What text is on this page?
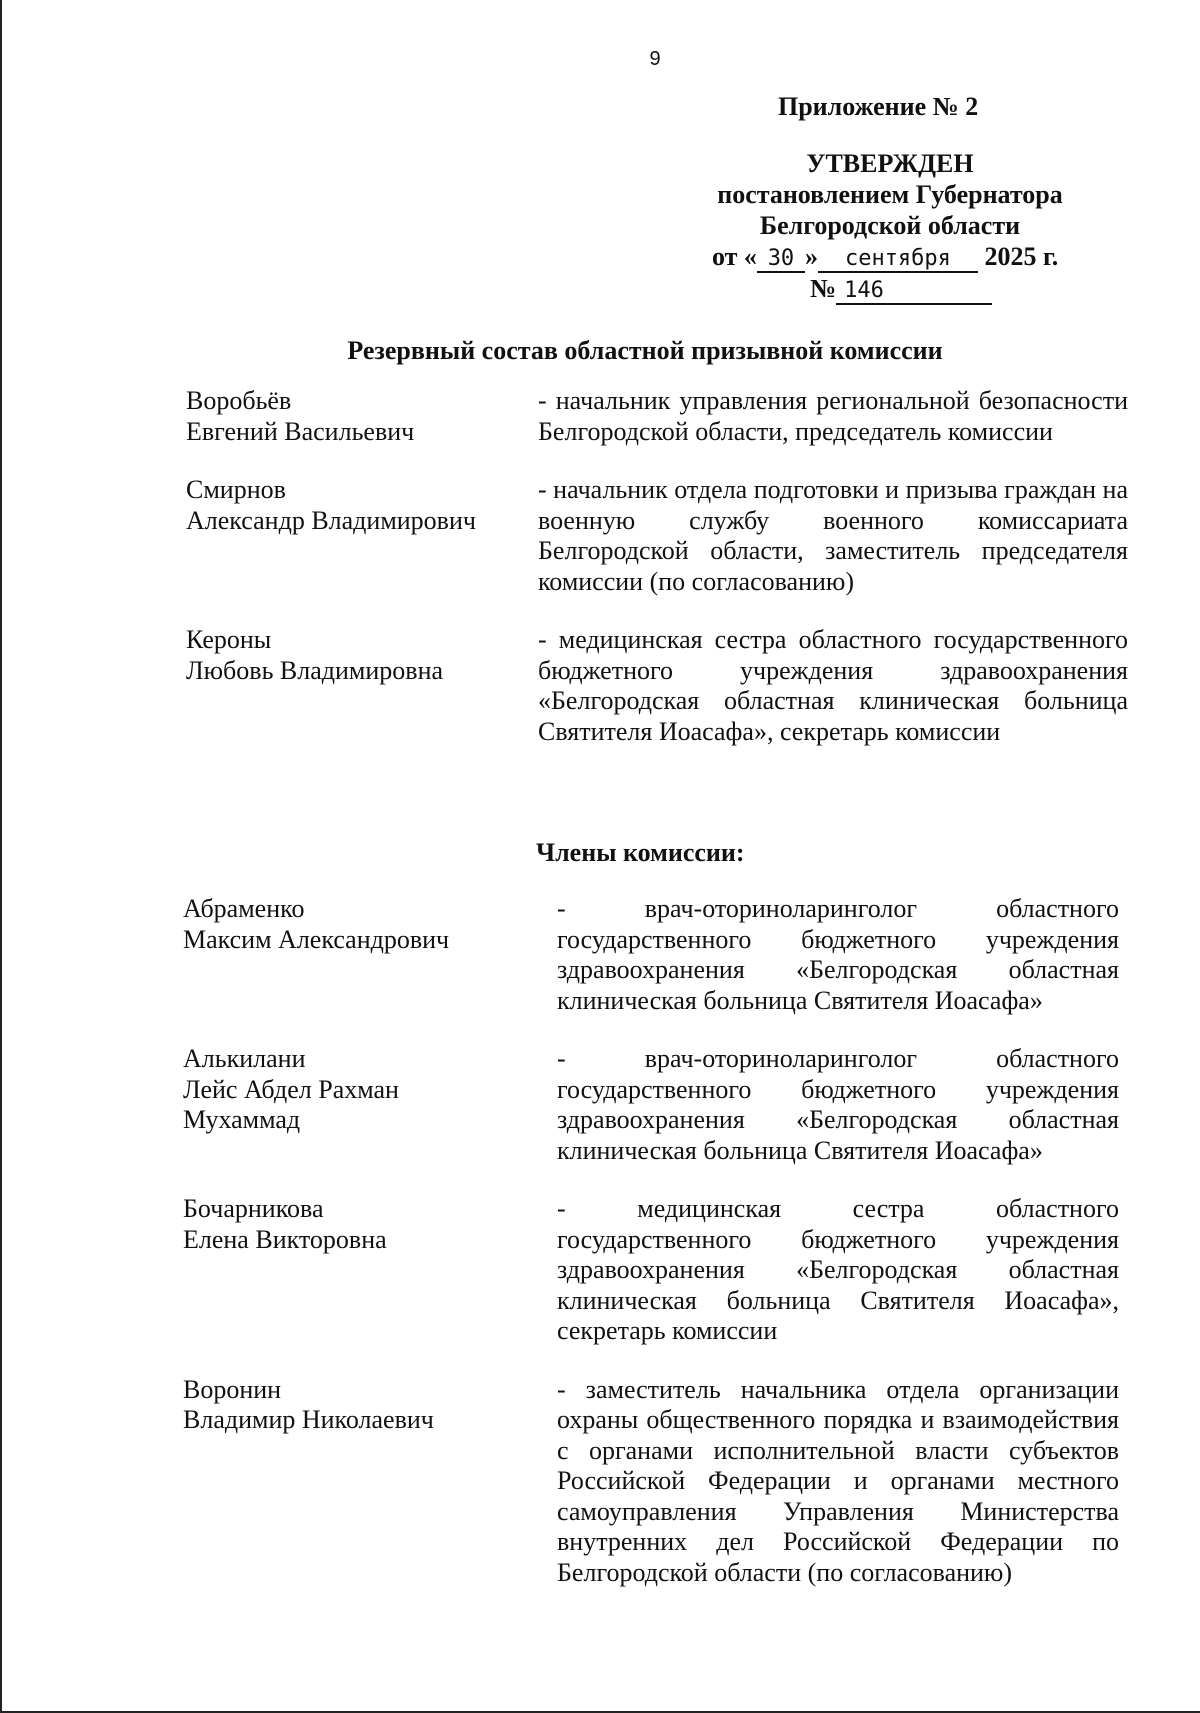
9
Приложение № 2
УТВЕРЖДЕН
постановлением Губернатора
Белгородской области
от « 30 » сентября 2025 г.
№ 146
Резервный состав областной призывной комиссии
Воробьёв
Евгений Васильевич
- начальник управления региональной безопасности Белгородской области, председатель комиссии
Смирнов
Александр Владимирович
- начальник отдела подготовки и призыва граждан на военную службу военного комиссариата Белгородской области, заместитель председателя комиссии (по согласованию)
Кероны
Любовь Владимировна
- медицинская сестра областного государственного бюджетного учреждения здравоохранения «Белгородская областная клиническая больница Святителя Иоасафа», секретарь комиссии
Члены комиссии:
Абраменко
Максим Александрович
- врач-оториноларинголог областного государственного бюджетного учреждения здравоохранения «Белгородская областная клиническая больница Святителя Иоасафа»
Алькилани
Лейс Абдел Рахман
Мухаммад
- врач-оториноларинголог областного государственного бюджетного учреждения здравоохранения «Белгородская областная клиническая больница Святителя Иоасафа»
Бочарникова
Елена Викторовна
- медицинская сестра областного государственного бюджетного учреждения здравоохранения «Белгородская областная клиническая больница Святителя Иоасафа», секретарь комиссии
Воронин
Владимир Николаевич
- заместитель начальника отдела организации охраны общественного порядка и взаимодействия с органами исполнительной власти субъектов Российской Федерации и органами местного самоуправления Управления Министерства внутренних дел Российской Федерации по Белгородской области (по согласованию)
